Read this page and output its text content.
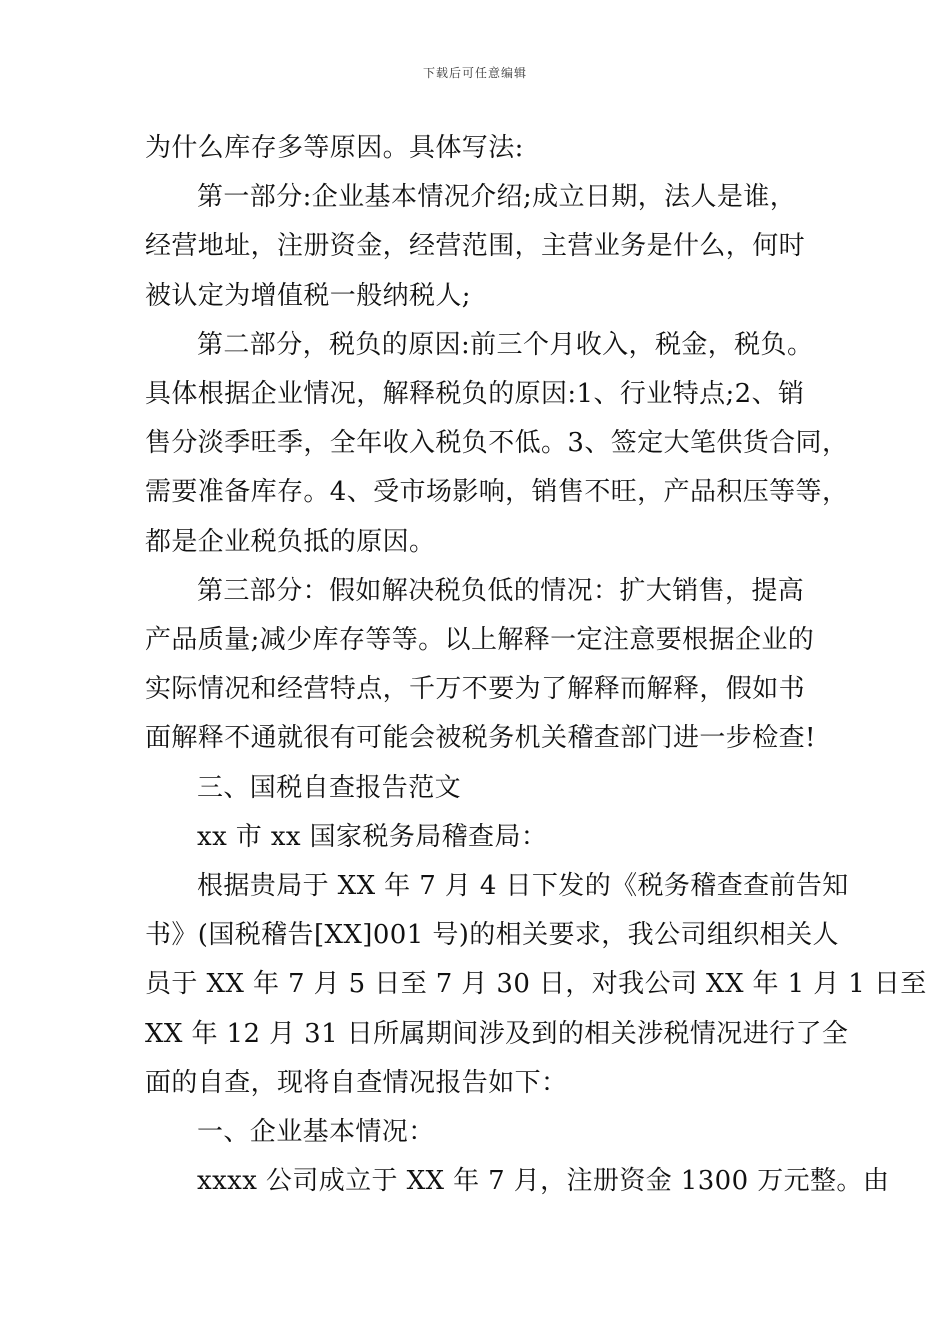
下载后可任意编辑

为什么库存多等原因。具体写法:

第一部分:企业基本情况介绍;成立日期，法人是谁，

经营地址，注册资金，经营范围，主营业务是什么，何时

被认定为增值税一般纳税人;

第二部分，税负的原因:前三个月收入，税金，税负。

具体根据企业情况，解释税负的原因:1、行业特点;2、销

售分淡季旺季，全年收入税负不低。3、签定大笔供货合同，

需要准备库存。4、受市场影响，销售不旺，产品积压等等，

都是企业税负抵的原因。

第三部分：假如解决税负低的情况：扩大销售，提高

产品质量;减少库存等等。以上解释一定注意要根据企业的

实际情况和经营特点，千万不要为了解释而解释，假如书

面解释不通就很有可能会被税务机关稽查部门进一步检查!

三、国税自查报告范文

xx 市 xx 国家税务局稽查局：

根据贵局于 XX 年 7 月 4 日下发的《税务稽查查前告知

书》(国税稽告[XX]001 号)的相关要求，我公司组织相关人

员于 XX 年 7 月 5 日至 7 月 30 日，对我公司 XX 年 1 月 1 日至

XX 年 12 月 31 日所属期间涉及到的相关涉税情况进行了全

面的自查，现将自查情况报告如下：

一、企业基本情况：

xxxx 公司成立于 XX 年 7 月，注册资金 1300 万元整。由
